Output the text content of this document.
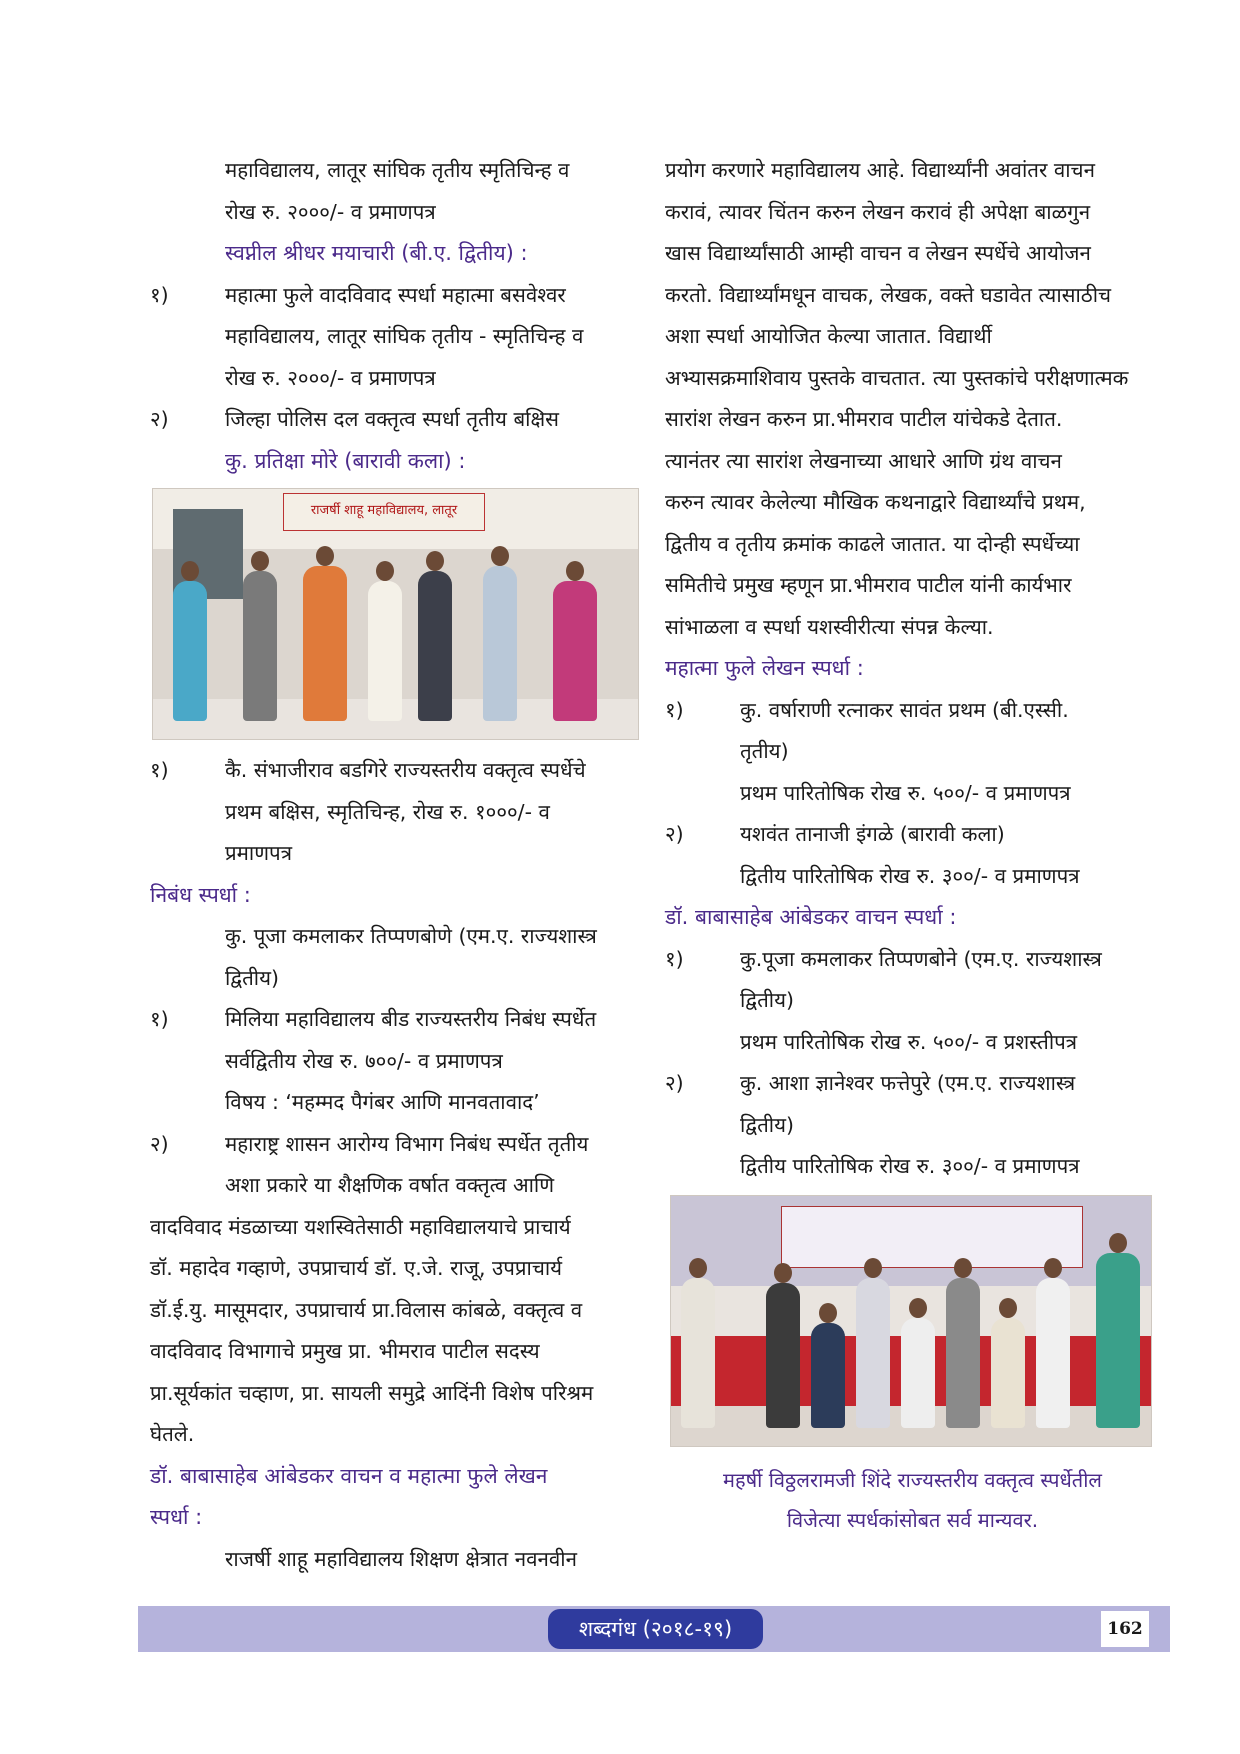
महाविद्यालय, लातूर सांघिक तृतीय स्मृतिचिन्ह व
रोख रु. २०००/- व प्रमाणपत्र
स्वप्नील श्रीधर मयाचारी (बी.ए. द्वितीय) :
१)	महात्मा फुले वादविवाद स्पर्धा महात्मा बसवेश्वर
महाविद्यालय, लातूर सांघिक तृतीय - स्मृतिचिन्ह व
रोख रु. २०००/- व प्रमाणपत्र
२)	जिल्हा पोलिस दल वक्तृत्व स्पर्धा तृतीय बक्षिस
कु. प्रतिक्षा मोरे (बारावी कला) :
राजर्षी शाहू महाविद्यालय, लातूर
१)	कै. संभाजीराव बडगिरे राज्यस्तरीय वक्तृत्व स्पर्धेचे
प्रथम बक्षिस, स्मृतिचिन्ह, रोख रु. १०००/- व
प्रमाणपत्र
निबंध स्पर्धा :
कु. पूजा कमलाकर तिप्पणबोणे (एम.ए. राज्यशास्त्र
द्वितीय)
१)	मिलिया महाविद्यालय बीड राज्यस्तरीय निबंध स्पर्धेत
सर्वद्वितीय रोख रु. ७००/- व प्रमाणपत्र
विषय : ‘महम्मद पैगंबर आणि मानवतावाद’
२)	महाराष्ट्र शासन आरोग्य विभाग निबंध स्पर्धेत तृतीय
अशा प्रकारे या शैक्षणिक वर्षात वक्तृत्व आणि
वादविवाद मंडळाच्या यशस्वितेसाठी महाविद्यालयाचे प्राचार्य
डॉ. महादेव गव्हाणे, उपप्राचार्य डॉ. ए.जे. राजू, उपप्राचार्य
डॉ.ई.यु. मासूमदार, उपप्राचार्य प्रा.विलास कांबळे, वक्तृत्व व
वादविवाद विभागाचे प्रमुख प्रा. भीमराव पाटील सदस्य
प्रा.सूर्यकांत चव्हाण, प्रा. सायली समुद्रे आदिंनी विशेष परिश्रम
घेतले.
डॉ. बाबासाहेब आंबेडकर वाचन व महात्मा फुले लेखन
स्पर्धा :
राजर्षी शाहू महाविद्यालय शिक्षण क्षेत्रात नवनवीन
प्रयोग करणारे महाविद्यालय आहे. विद्यार्थ्यांनी अवांतर वाचन
करावं, त्यावर चिंतन करुन लेखन करावं ही अपेक्षा बाळगुन
खास विद्यार्थ्यांसाठी आम्ही वाचन व लेखन स्पर्धेचे आयोजन
करतो. विद्यार्थ्यांमधून वाचक, लेखक, वक्ते घडावेत त्यासाठीच
अशा स्पर्धा आयोजित केल्या जातात. विद्यार्थी
अभ्यासक्रमाशिवाय पुस्तके वाचतात. त्या पुस्तकांचे परीक्षणात्मक
सारांश लेखन करुन प्रा.भीमराव पाटील यांचेकडे देतात.
त्यानंतर त्या सारांश लेखनाच्या आधारे आणि ग्रंथ वाचन
करुन त्यावर केलेल्या मौखिक कथनाद्वारे विद्यार्थ्यांचे प्रथम,
द्वितीय व तृतीय क्रमांक काढले जातात. या दोन्ही स्पर्धेच्या
समितीचे प्रमुख म्हणून प्रा.भीमराव पाटील यांनी कार्यभार
सांभाळला व स्पर्धा यशस्वीरीत्या संपन्न केल्या.
महात्मा फुले लेखन स्पर्धा :
१)	कु. वर्षाराणी रत्नाकर सावंत प्रथम (बी.एस्सी.
तृतीय)
प्रथम पारितोषिक रोख रु. ५००/- व प्रमाणपत्र
२)	यशवंत तानाजी इंगळे (बारावी कला)
द्वितीय पारितोषिक रोख रु. ३००/- व प्रमाणपत्र
डॉ. बाबासाहेब आंबेडकर वाचन स्पर्धा :
१)	कु.पूजा कमलाकर तिप्पणबोने (एम.ए. राज्यशास्त्र
द्वितीय)
प्रथम पारितोषिक रोख रु. ५००/- व प्रशस्तीपत्र
२)	कु. आशा ज्ञानेश्वर फत्तेपुरे (एम.ए. राज्यशास्त्र
द्वितीय)
द्वितीय पारितोषिक रोख रु. ३००/- व प्रमाणपत्र
महर्षी विठ्ठलरामजी शिंदे राज्यस्तरीय वक्तृत्व स्पर्धेतील
विजेत्या स्पर्धकांसोबत सर्व मान्यवर.
शब्दगंध (२०१८-१९)	162
